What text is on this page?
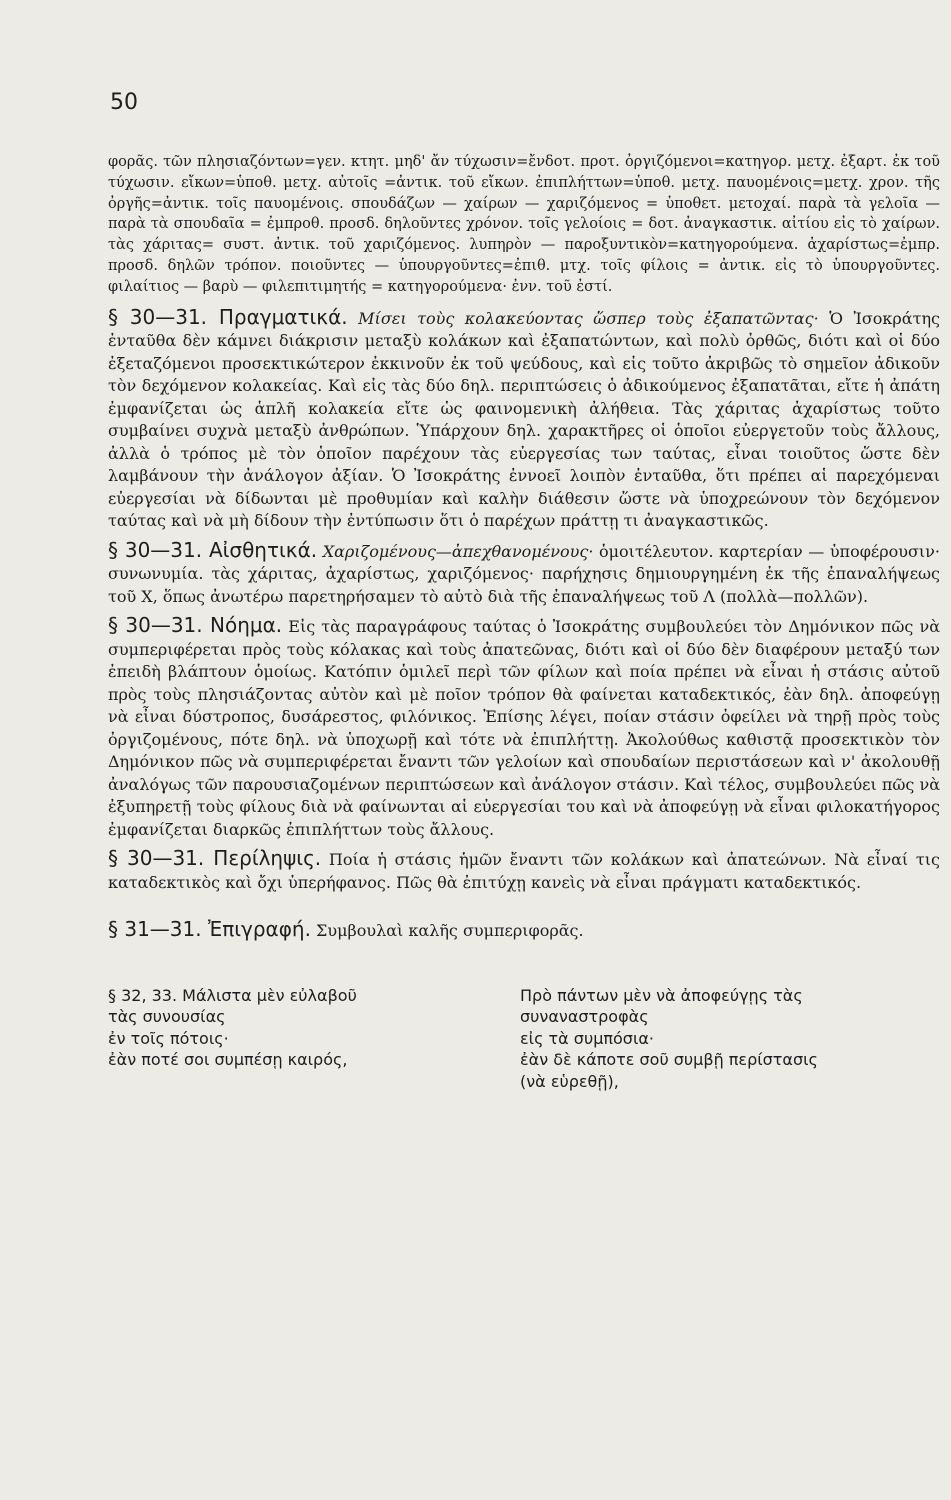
50

φορᾶς. τῶν πλησιαζόντων=γεν. κτητ. μηδ' ἄν τύχωσιν=ἔνδοτ. προτ. ὀργιζόμενοι=κατηγορ. μετχ. ἐξαρτ. ἐκ τοῦ τύχωσιν. εἴκων=ὑποθ. μετχ. αὐτοῖς =ἀντικ. τοῦ εἴκων. ἐπιπλήττων=ὑποθ. μετχ. παυομένοις=μετχ. χρον. τῆς ὀργῆς=ἀντικ. τοῖς παυομένοις. σπουδάζων — χαίρων — χαριζόμενος = ὑποθετ. μετοχαί. παρὰ τὰ γελοῖα — παρὰ τὰ σπουδαῖα = ἐμπροθ. προσδ. δηλοῦντες χρόνον. τοῖς γελοίοις = δοτ. ἀναγκαστικ. αἰτίου εἰς τὸ χαίρων. τὰς χάριτας= συστ. ἀντικ. τοῦ χαριζόμενος. λυπηρὸν — παροξυντικὸν=κατηγορούμενα. ἀχαρίστως=ἐμπρ. προσδ. δηλῶν τρόπον. ποιοῦντες — ὑπουργοῦντες=ἐπιθ. μτχ. τοῖς φίλοις = ἀντικ. εἰς τὸ ὑπουργοῦντες. φιλαίτιος — βαρὺ — φιλεπιτιμητής = κατηγορούμενα· ἐνν. τοῦ ἐστί.

§ 30—31. Πραγματικά. Μίσει τοὺς κολακεύοντας ὥσπερ τοὺς ἐξαπατῶντας· Ὁ Ἰσοκράτης ἐνταῦθα δὲν κάμνει διάκρισιν μεταξὺ κολάκων καὶ ἐξαπατώντων, καὶ πολὺ ὀρθῶς, διότι καὶ οἱ δύο ἐξεταζόμενοι προσεκτικώτερον ἐκκινοῦν ἐκ τοῦ ψεύδους, καὶ εἰς τοῦτο ἀκριβῶς τὸ σημεῖον ἀδικοῦν τὸν δεχόμενον κολακείας. Καὶ εἰς τὰς δύο δηλ. περιπτώσεις ὁ ἀδικούμενος ἐξαπατᾶται, εἴτε ἡ ἀπάτη ἐμφανίζεται ὡς ἁπλῆ κολακεία εἴτε ὡς φαινομενικὴ ἀλήθεια. Τὰς χάριτας ἀχαρίστως τοῦτο συμβαίνει συχνὰ μεταξὺ ἀνθρώπων. Ὑπάρχουν δηλ. χαρακτῆρες οἱ ὁποῖοι εὐεργετοῦν τοὺς ἄλλους, ἀλλὰ ὁ τρόπος μὲ τὸν ὁποῖον παρέχουν τὰς εὐεργεσίας των ταύτας, εἶναι τοιοῦτος ὥστε δὲν λαμβάνουν τὴν ἀνάλογον ἀξίαν. Ὁ Ἰσοκράτης ἐννοεῖ λοιπὸν ἐνταῦθα, ὅτι πρέπει αἱ παρεχόμεναι εὐεργεσίαι νὰ δίδωνται μὲ προθυμίαν καὶ καλὴν διάθεσιν ὥστε νὰ ὑποχρεώνουν τὸν δεχόμενον ταύτας καὶ νὰ μὴ δίδουν τὴν ἐντύπωσιν ὅτι ὁ παρέχων πράττῃ τι ἀναγκαστικῶς.

§ 30—31. Αἰσθητικά. Χαριζομένους—ἀπεχθανομένους· ὁμοιτέλευτον. καρτερίαν — ὑποφέρουσιν· συνωνυμία. τὰς χάριτας, ἀχαρίστως, χαριζόμενος· παρήχησις δημιουργημένη ἐκ τῆς ἐπαναλήψεως τοῦ Χ, ὅπως ἀνωτέρω παρετηρήσαμεν τὸ αὐτὸ διὰ τῆς ἐπαναλήψεως τοῦ Λ (πολλὰ—πολλῶν).

§ 30—31. Νόημα. Εἰς τὰς παραγράφους ταύτας ὁ Ἰσοκράτης συμβουλεύει τὸν Δημόνικον πῶς νὰ συμπεριφέρεται πρὸς τοὺς κόλακας καὶ τοὺς ἀπατεῶνας, διότι καὶ οἱ δύο δὲν διαφέρουν μεταξύ των ἐπειδὴ βλάπτουν ὁμοίως. Κατόπιν ὁμιλεῖ περὶ τῶν φίλων καὶ ποία πρέπει νὰ εἶναι ἡ στάσις αὐτοῦ πρὸς τοὺς πλησιάζοντας αὐτὸν καὶ μὲ ποῖον τρόπον θὰ φαίνεται καταδεκτικός, ἐὰν δηλ. ἀποφεύγῃ νὰ εἶναι δύστροπος, δυσάρεστος, φιλόνικος. Ἐπίσης λέγει, ποίαν στάσιν ὀφείλει νὰ τηρῇ πρὸς τοὺς ὀργιζομένους, πότε δηλ. νὰ ὑποχωρῇ καὶ τότε νὰ ἐπιπλήττῃ. Ἀκολούθως καθιστᾷ προσεκτικὸν τὸν Δημόνικον πῶς νὰ συμπεριφέρεται ἔναντι τῶν γελοίων καὶ σπουδαίων περιστάσεων καὶ ν' ἀκολουθῇ ἀναλόγως τῶν παρουσιαζομένων περιπτώσεων καὶ ἀνάλογον στάσιν. Καὶ τέλος, συμβουλεύει πῶς νὰ ἐξυπηρετῇ τοὺς φίλους διὰ νὰ φαίνωνται αἱ εὐεργεσίαι του καὶ νὰ ἀποφεύγῃ νὰ εἶναι φιλοκατήγορος ἐμφανίζεται διαρκῶς ἐπιπλήττων τοὺς ἄλλους.

§ 30—31. Περίληψις. Ποία ἡ στάσις ἡμῶν ἔναντι τῶν κολάκων καὶ ἀπατεώνων. Νὰ εἶναί τις καταδεκτικὸς καὶ ὄχι ὑπερήφανος. Πῶς θὰ ἐπιτύχῃ κανεὶς νὰ εἶναι πράγματι καταδεκτικός.

§ 31—31. Ἐπιγραφή. Συμβουλαὶ καλῆς συμπεριφορᾶς.

§ 32, 33. Μάλιστα μὲν εὐλαβοῦ

τὰς συνουσίας

ἐν τοῖς πότοις·

ἐὰν ποτέ σοι συμπέσῃ καιρός,

Πρὸ πάντων μὲν νὰ ἀποφεύγῃς τὰς

συναναστροφὰς

εἰς τὰ συμπόσια·

ἐὰν δὲ κάποτε σοῦ συμβῇ περίστασις

(νὰ εὑρεθῇ),
